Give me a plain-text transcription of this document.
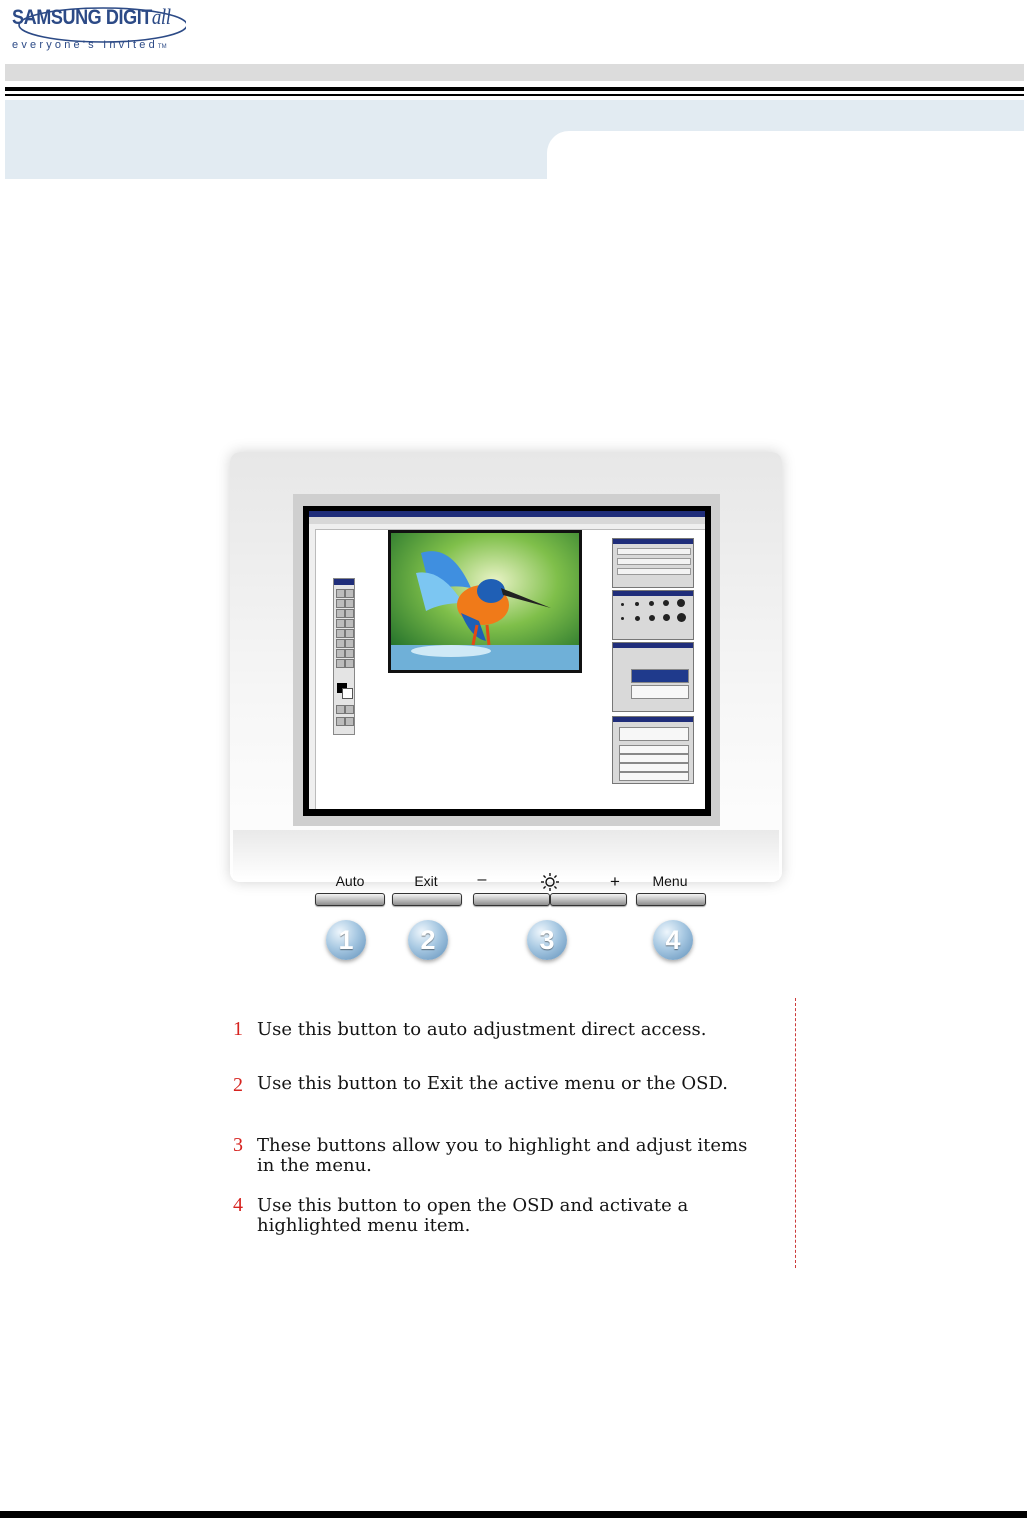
SAMSUNG DIGITall
everyone's InvitedTM
Auto	Exit –	+	Menu
1	2	3	4
1 Use this button to auto adjustment direct access.
2 Use this button to Exit the active menu or the OSD.
3 These buttons allow you to highlight and adjust items in the menu.
4 Use this button to open the OSD and activate a highlighted menu item.
